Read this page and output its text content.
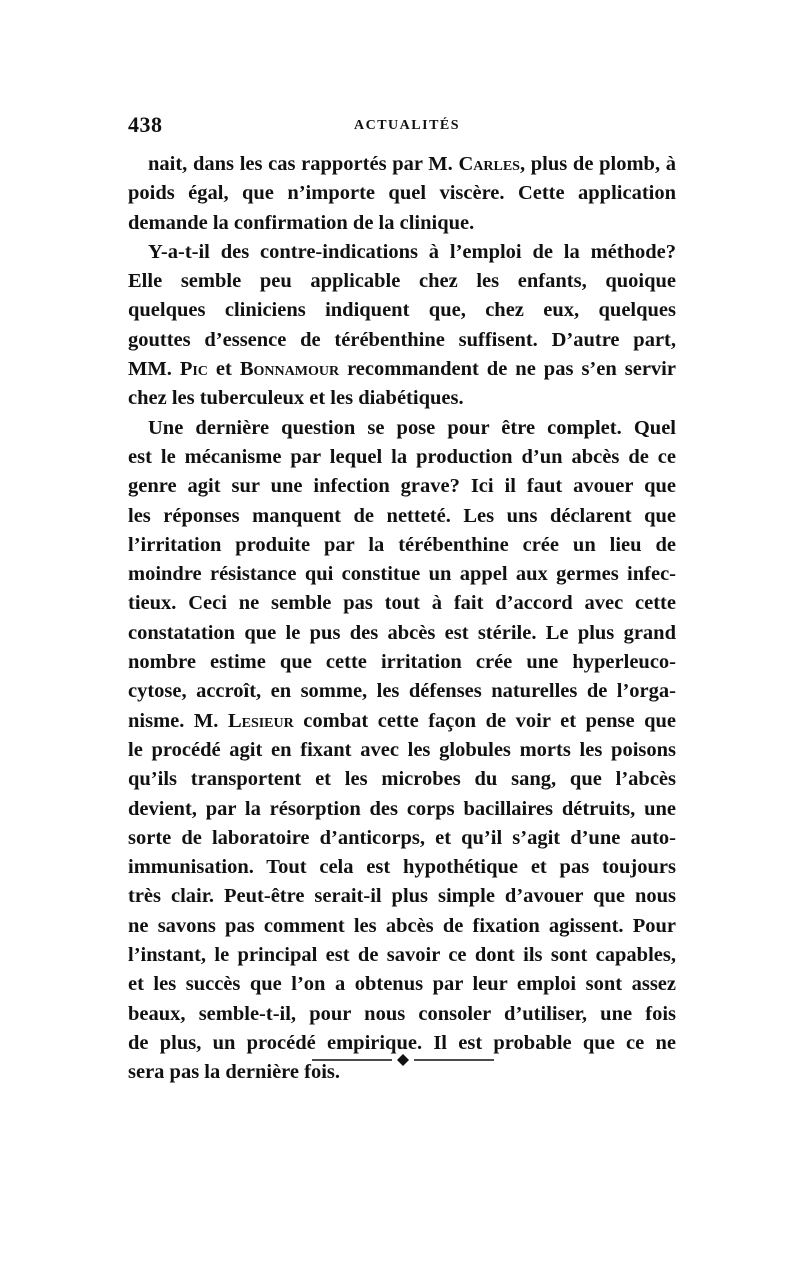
438	ACTUALITÉS
nait, dans les cas rapportés par M. Carles, plus de plomb, à
poids égal, que n’importe quel viscère. Cette application
demande la confirmation de la clinique.
Y-a-t-il des contre-indications à l’emploi de la méthode?
Elle semble peu applicable chez les enfants, quoique
quelques cliniciens indiquent que, chez eux, quelques
gouttes d’essence de térébenthine suffisent. D’autre part,
MM. Pic et Bonnamour recommandent de ne pas s’en servir
chez les tuberculeux et les diabétiques.
Une dernière question se pose pour être complet. Quel
est le mécanisme par lequel la production d’un abcès de ce
genre agit sur une infection grave? Ici il faut avouer que
les réponses manquent de netteté. Les uns déclarent que
l’irritation produite par la térébenthine crée un lieu de
moindre résistance qui constitue un appel aux germes infec-
tieux. Ceci ne semble pas tout à fait d’accord avec cette
constatation que le pus des abcès est stérile. Le plus grand
nombre estime que cette irritation crée une hyperleuco-
cytose, accroît, en somme, les défenses naturelles de l’orga-
nisme. M. Lesieur combat cette façon de voir et pense que
le procédé agit en fixant avec les globules morts les poisons
qu’ils transportent et les microbes du sang, que l’abcès
devient, par la résorption des corps bacillaires détruits, une
sorte de laboratoire d’anticorps, et qu’il s’agit d’une auto-
immunisation. Tout cela est hypothétique et pas toujours
très clair. Peut-être serait-il plus simple d’avouer que nous
ne savons pas comment les abcès de fixation agissent. Pour
l’instant, le principal est de savoir ce dont ils sont capables,
et les succès que l’on a obtenus par leur emploi sont assez
beaux, semble-t-il, pour nous consoler d’utiliser, une fois
de plus, un procédé empirique. Il est probable que ce ne
sera pas la dernière fois.
